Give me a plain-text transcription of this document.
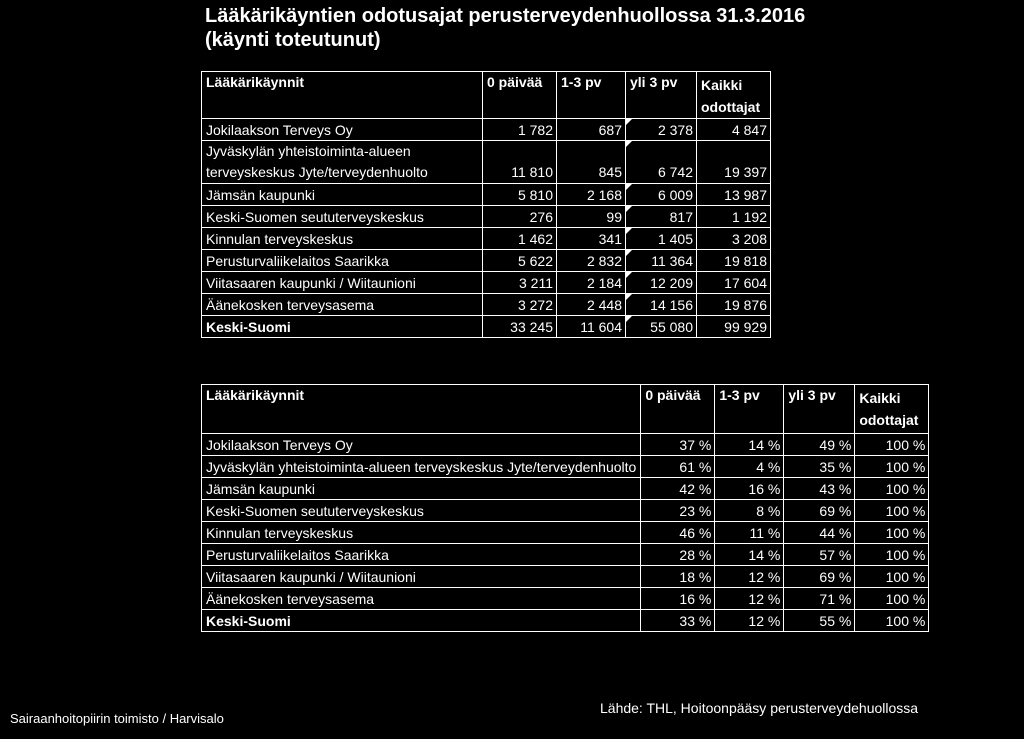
Lääkärikäyntien odotusajat perusterveydenhuollossa 31.3.2016
(käynti toteutunut)
Lääkärikäynnit	0 päivää	1-3 pv	yli 3 pv	Kaikki
odottajat
Jokilaakson Terveys Oy	1 782	687	2 378	4 847
Jyväskylän yhteistoiminta-alueen
terveyskeskus Jyte/terveydenhuolto	11 810	845	6 742	19 397
Jämsän kaupunki	5 810	2 168	6 009	13 987
Keski-Suomen seututerveyskeskus	276	99	817	1 192
Kinnulan terveyskeskus	1 462	341	1 405	3 208
Perusturvaliikelaitos Saarikka	5 622	2 832	11 364	19 818
Viitasaaren kaupunki / Wiitaunioni	3 211	2 184	12 209	17 604
Äänekosken terveysasema	3 272	2 448	14 156	19 876
Keski-Suomi	33 245	11 604	55 080	99 929
Lääkärikäynnit	0 päivää	1-3 pv	yli 3 pv	Kaikki
odottajat
Jokilaakson Terveys Oy	37 %	14 %	49 %	100 %
Jyväskylän yhteistoiminta-alueen terveyskeskus Jyte/terveydenhuolto	61 %	4 %	35 %	100 %
Jämsän kaupunki	42 %	16 %	43 %	100 %
Keski-Suomen seututerveyskeskus	23 %	8 %	69 %	100 %
Kinnulan terveyskeskus	46 %	11 %	44 %	100 %
Perusturvaliikelaitos Saarikka	28 %	14 %	57 %	100 %
Viitasaaren kaupunki / Wiitaunioni	18 %	12 %	69 %	100 %
Äänekosken terveysasema	16 %	12 %	71 %	100 %
Keski-Suomi	33 %	12 %	55 %	100 %
Sairaanhoitopiirin toimisto / Harvisalo
Lähde: THL, Hoitoonpääsy perusterveydehuollossa
